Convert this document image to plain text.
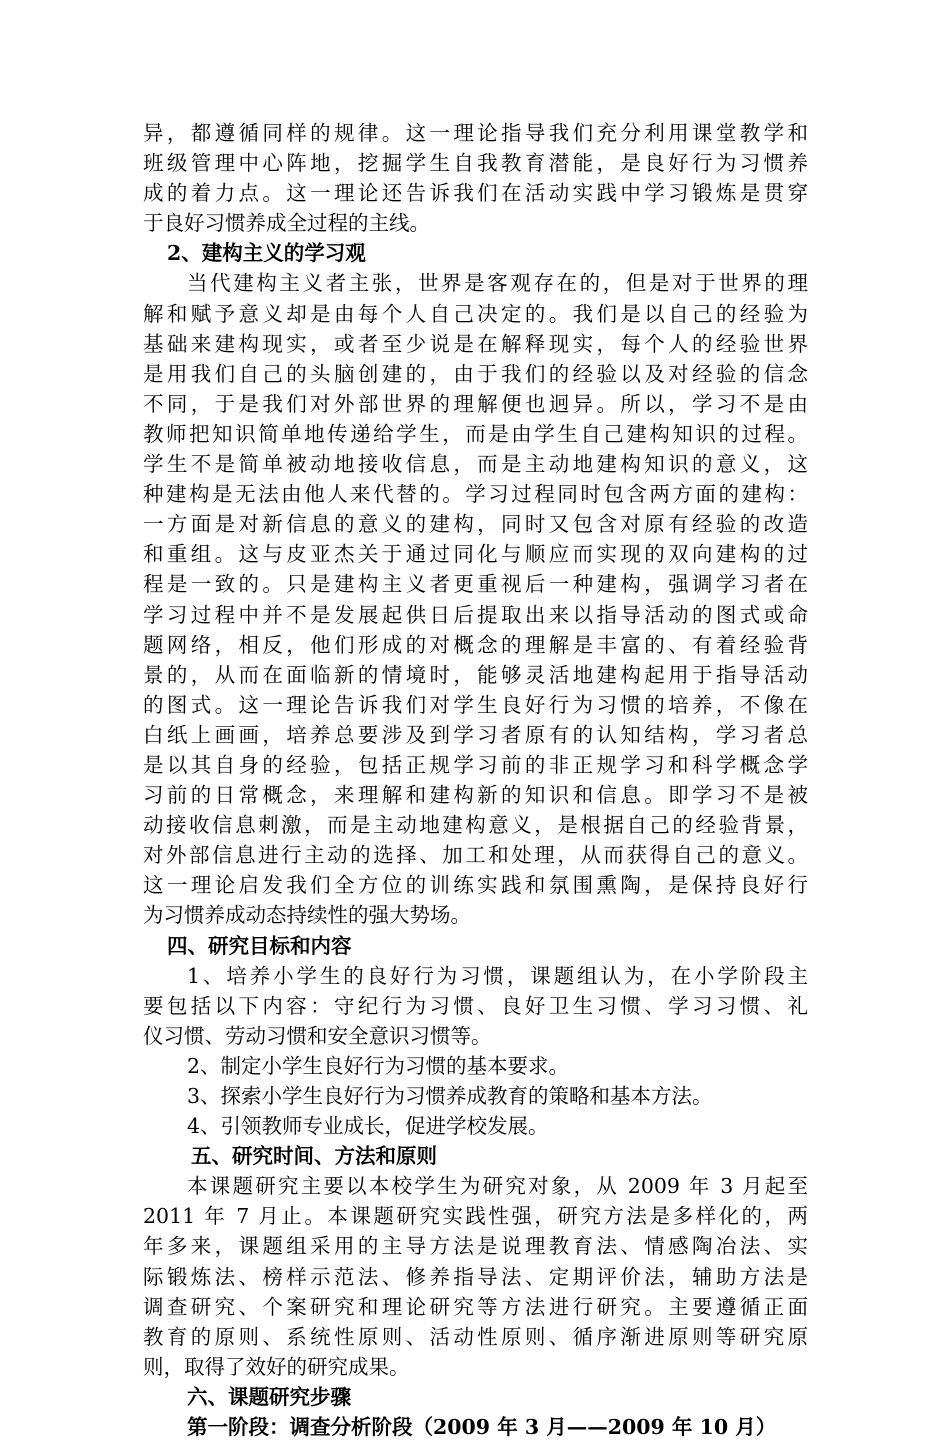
异，都遵循同样的规律。这一理论指导我们充分利用课堂教学和
班级管理中心阵地，挖掘学生自我教育潜能，是良好行为习惯养
成的着力点。这一理论还告诉我们在活动实践中学习锻炼是贯穿
于良好习惯养成全过程的主线。
2、建构主义的学习观
当代建构主义者主张，世界是客观存在的，但是对于世界的理
解和赋予意义却是由每个人自己决定的。我们是以自己的经验为
基础来建构现实，或者至少说是在解释现实，每个人的经验世界
是用我们自己的头脑创建的，由于我们的经验以及对经验的信念
不同，于是我们对外部世界的理解便也迥异。所以，学习不是由
教师把知识简单地传递给学生，而是由学生自己建构知识的过程。
学生不是简单被动地接收信息，而是主动地建构知识的意义，这
种建构是无法由他人来代替的。学习过程同时包含两方面的建构：
一方面是对新信息的意义的建构，同时又包含对原有经验的改造
和重组。这与皮亚杰关于通过同化与顺应而实现的双向建构的过
程是一致的。只是建构主义者更重视后一种建构，强调学习者在
学习过程中并不是发展起供日后提取出来以指导活动的图式或命
题网络，相反，他们形成的对概念的理解是丰富的、有着经验背
景的，从而在面临新的情境时，能够灵活地建构起用于指导活动
的图式。这一理论告诉我们对学生良好行为习惯的培养，不像在
白纸上画画，培养总要涉及到学习者原有的认知结构，学习者总
是以其自身的经验，包括正规学习前的非正规学习和科学概念学
习前的日常概念，来理解和建构新的知识和信息。即学习不是被
动接收信息刺激，而是主动地建构意义，是根据自己的经验背景，
对外部信息进行主动的选择、加工和处理，从而获得自己的意义。
这一理论启发我们全方位的训练实践和氛围熏陶，是保持良好行
为习惯养成动态持续性的强大势场。
四、研究目标和内容
1、培养小学生的良好行为习惯，课题组认为，在小学阶段主
要包括以下内容：守纪行为习惯、良好卫生习惯、学习习惯、礼
仪习惯、劳动习惯和安全意识习惯等。
2、制定小学生良好行为习惯的基本要求。
3、探索小学生良好行为习惯养成教育的策略和基本方法。
4、引领教师专业成长，促进学校发展。
五、研究时间、方法和原则
本课题研究主要以本校学生为研究对象，从 2009 年 3 月起至
2011 年 7 月止。本课题研究实践性强，研究方法是多样化的，两
年多来，课题组采用的主导方法是说理教育法、情感陶冶法、实
际锻炼法、榜样示范法、修养指导法、定期评价法，辅助方法是
调查研究、个案研究和理论研究等方法进行研究。主要遵循正面
教育的原则、系统性原则、活动性原则、循序渐进原则等研究原
则，取得了效好的研究成果。
六、课题研究步骤
第一阶段：调查分析阶段（2009 年 3 月——2009 年 10 月）
